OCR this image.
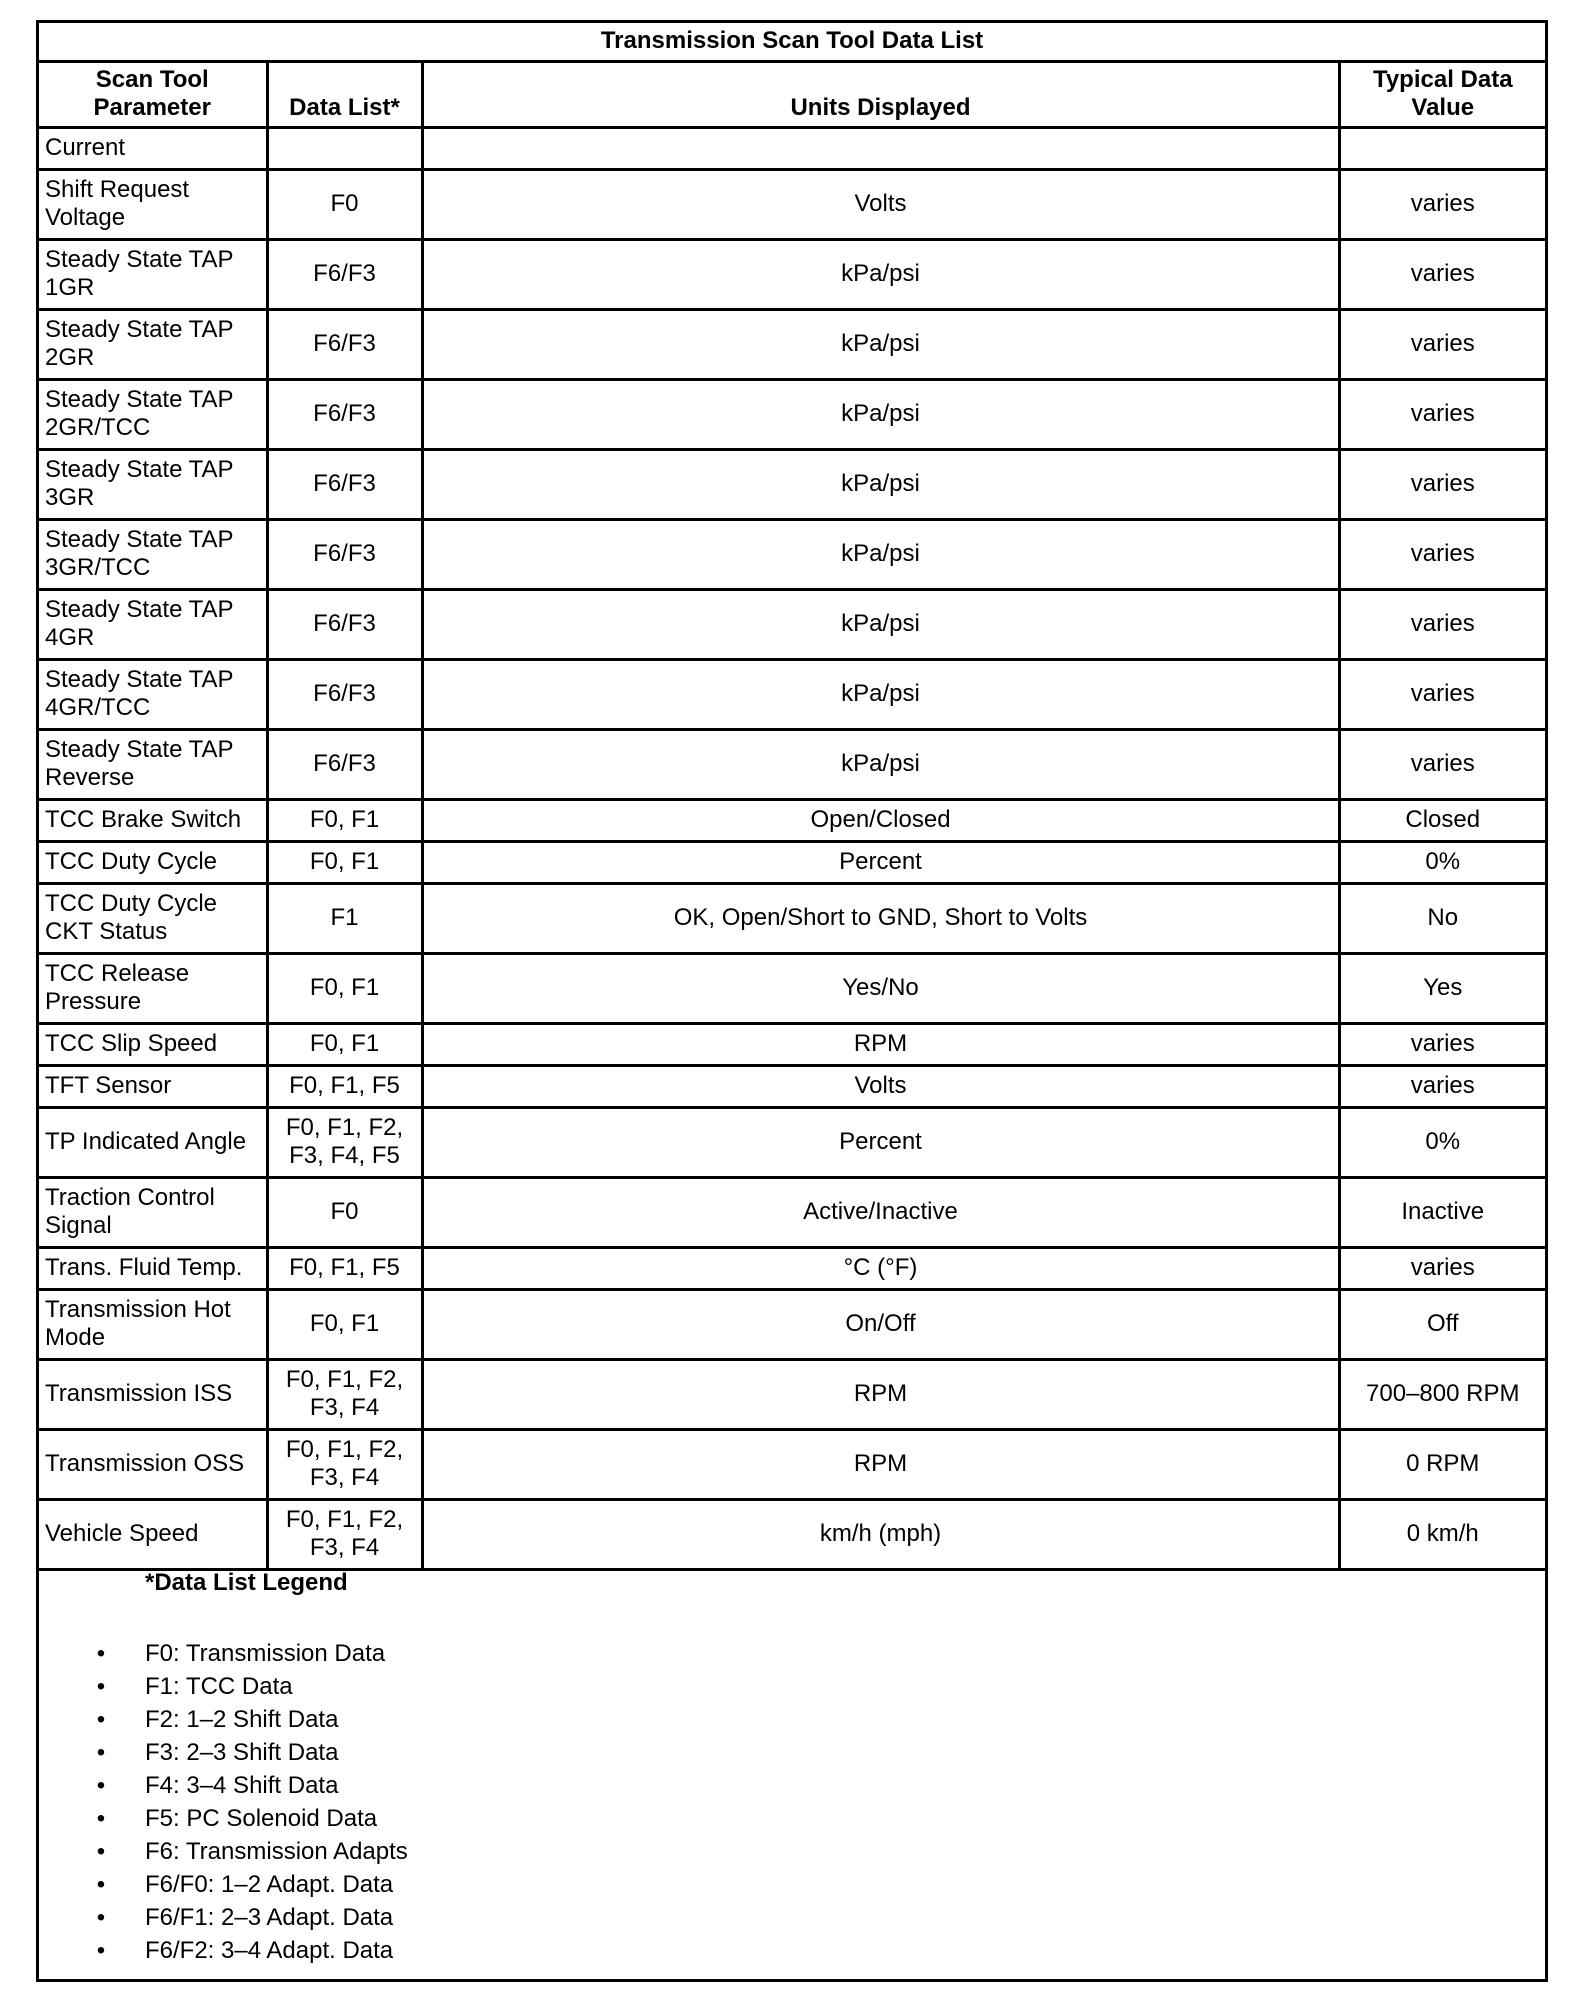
Transmission Scan Tool Data List			
Scan Tool Parameter	Data List*	Units Displayed	Typical Data Value
Current			
Shift Request Voltage	F0	Volts	varies
Steady State TAP 1GR	F6/F3	kPa/psi	varies
Steady State TAP 2GR	F6/F3	kPa/psi	varies
Steady State TAP 2GR/TCC	F6/F3	kPa/psi	varies
Steady State TAP 3GR	F6/F3	kPa/psi	varies
Steady State TAP 3GR/TCC	F6/F3	kPa/psi	varies
Steady State TAP 4GR	F6/F3	kPa/psi	varies
Steady State TAP 4GR/TCC	F6/F3	kPa/psi	varies
Steady State TAP Reverse	F6/F3	kPa/psi	varies
TCC Brake Switch	F0, F1	Open/Closed	Closed
TCC Duty Cycle	F0, F1	Percent	0%
TCC Duty Cycle CKT Status	F1	OK, Open/Short to GND, Short to Volts	No
TCC Release Pressure	F0, F1	Yes/No	Yes
TCC Slip Speed	F0, F1	RPM	varies
TFT Sensor	F0, F1, F5	Volts	varies
TP Indicated Angle	F0, F1, F2, F3, F4, F5	Percent	0%
Traction Control Signal	F0	Active/Inactive	Inactive
Trans. Fluid Temp.	F0, F1, F5	°C (°F)	varies
Transmission Hot Mode	F0, F1	On/Off	Off
Transmission ISS	F0, F1, F2, F3, F4	RPM	700–800 RPM
Transmission OSS	F0, F1, F2, F3, F4	RPM	0 RPM
Vehicle Speed	F0, F1, F2, F3, F4	km/h (mph)	0 km/h
*Data List Legend
• F0: Transmission Data
• F1: TCC Data
• F2: 1–2 Shift Data
• F3: 2–3 Shift Data
• F4: 3–4 Shift Data
• F5: PC Solenoid Data
• F6: Transmission Adapts
• F6/F0: 1–2 Adapt. Data
• F6/F1: 2–3 Adapt. Data
• F6/F2: 3–4 Adapt. Data
